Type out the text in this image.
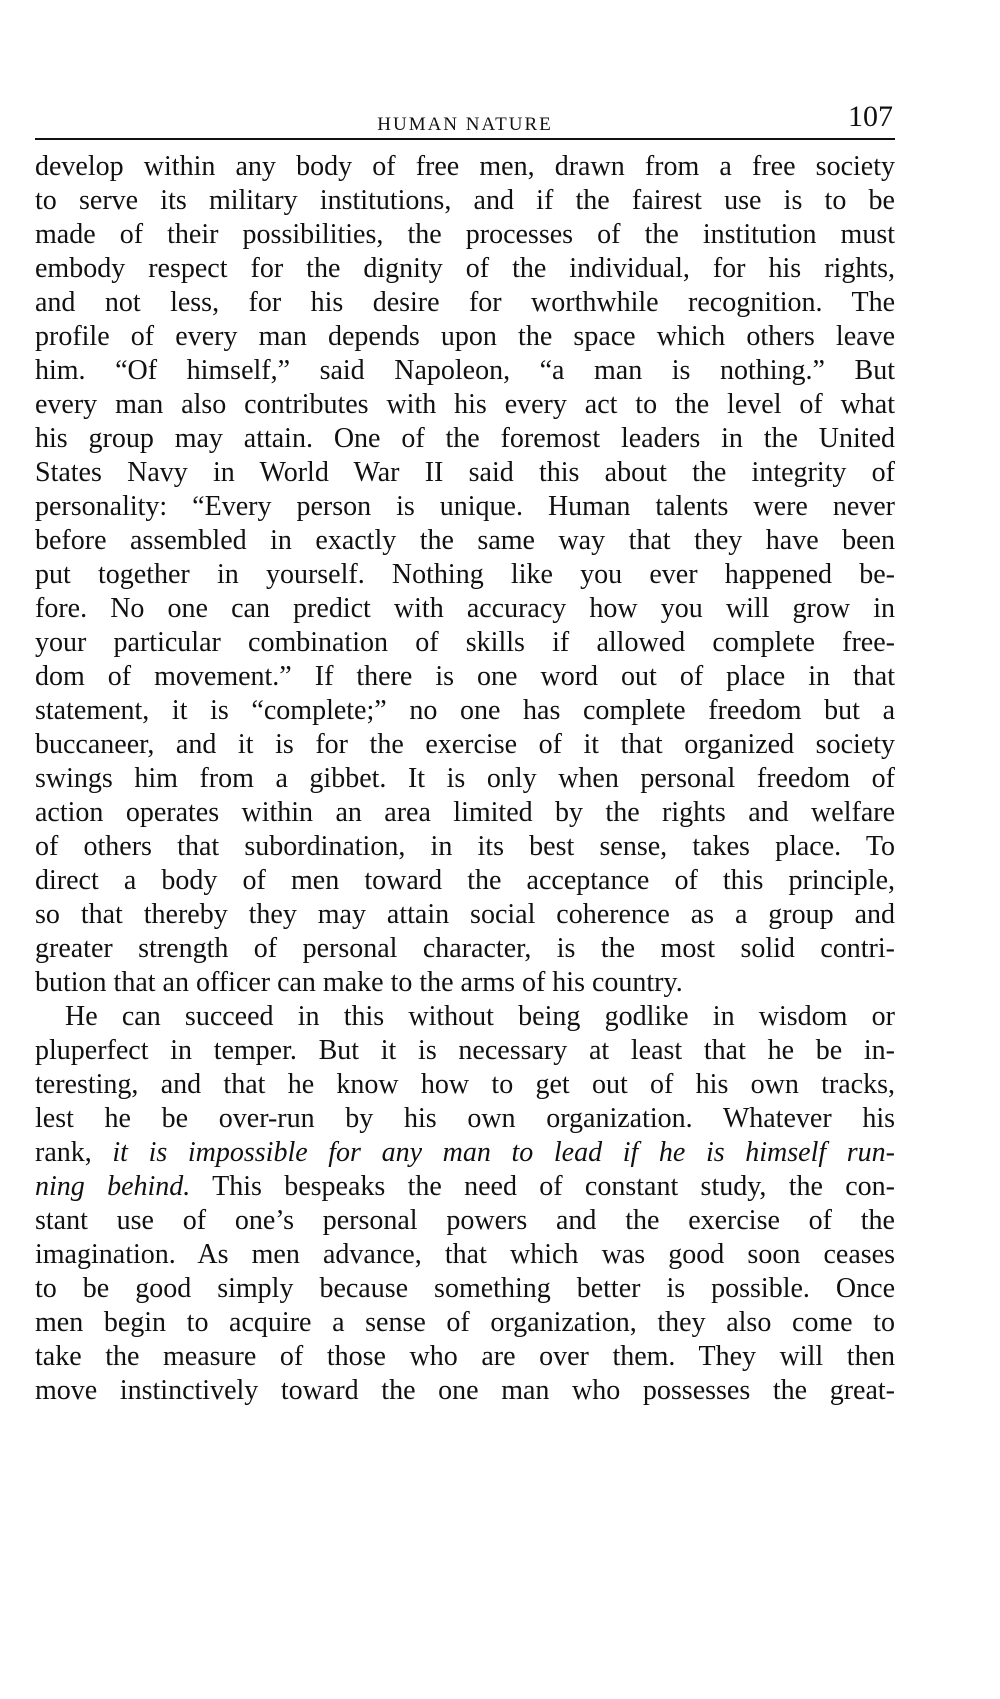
HUMAN NATURE	107
develop within any body of free men, drawn from a free society
to serve its military institutions, and if the fairest use is to be
made of their possibilities, the processes of the institution must
embody respect for the dignity of the individual, for his rights,
and not less, for his desire for worthwhile recognition. The
profile of every man depends upon the space which others leave
him. “Of himself,” said Napoleon, “a man is nothing.” But
every man also contributes with his every act to the level of what
his group may attain. One of the foremost leaders in the United
States Navy in World War II said this about the integrity of
personality: “Every person is unique. Human talents were never
before assembled in exactly the same way that they have been
put together in yourself. Nothing like you ever happened be-
fore. No one can predict with accuracy how you will grow in
your particular combination of skills if allowed complete free-
dom of movement.” If there is one word out of place in that
statement, it is “complete;” no one has complete freedom but a
buccaneer, and it is for the exercise of it that organized society
swings him from a gibbet. It is only when personal freedom of
action operates within an area limited by the rights and welfare
of others that subordination, in its best sense, takes place. To
direct a body of men toward the acceptance of this principle,
so that thereby they may attain social coherence as a group and
greater strength of personal character, is the most solid contri-
bution that an officer can make to the arms of his country.
He can succeed in this without being godlike in wisdom or
pluperfect in temper. But it is necessary at least that he be in-
teresting, and that he know how to get out of his own tracks,
lest he be over-run by his own organization. Whatever his
rank, it is impossible for any man to lead if he is himself run-
ning behind. This bespeaks the need of constant study, the con-
stant use of one’s personal powers and the exercise of the
imagination. As men advance, that which was good soon ceases
to be good simply because something better is possible. Once
men begin to acquire a sense of organization, they also come to
take the measure of those who are over them. They will then
move instinctively toward the one man who possesses the great-
